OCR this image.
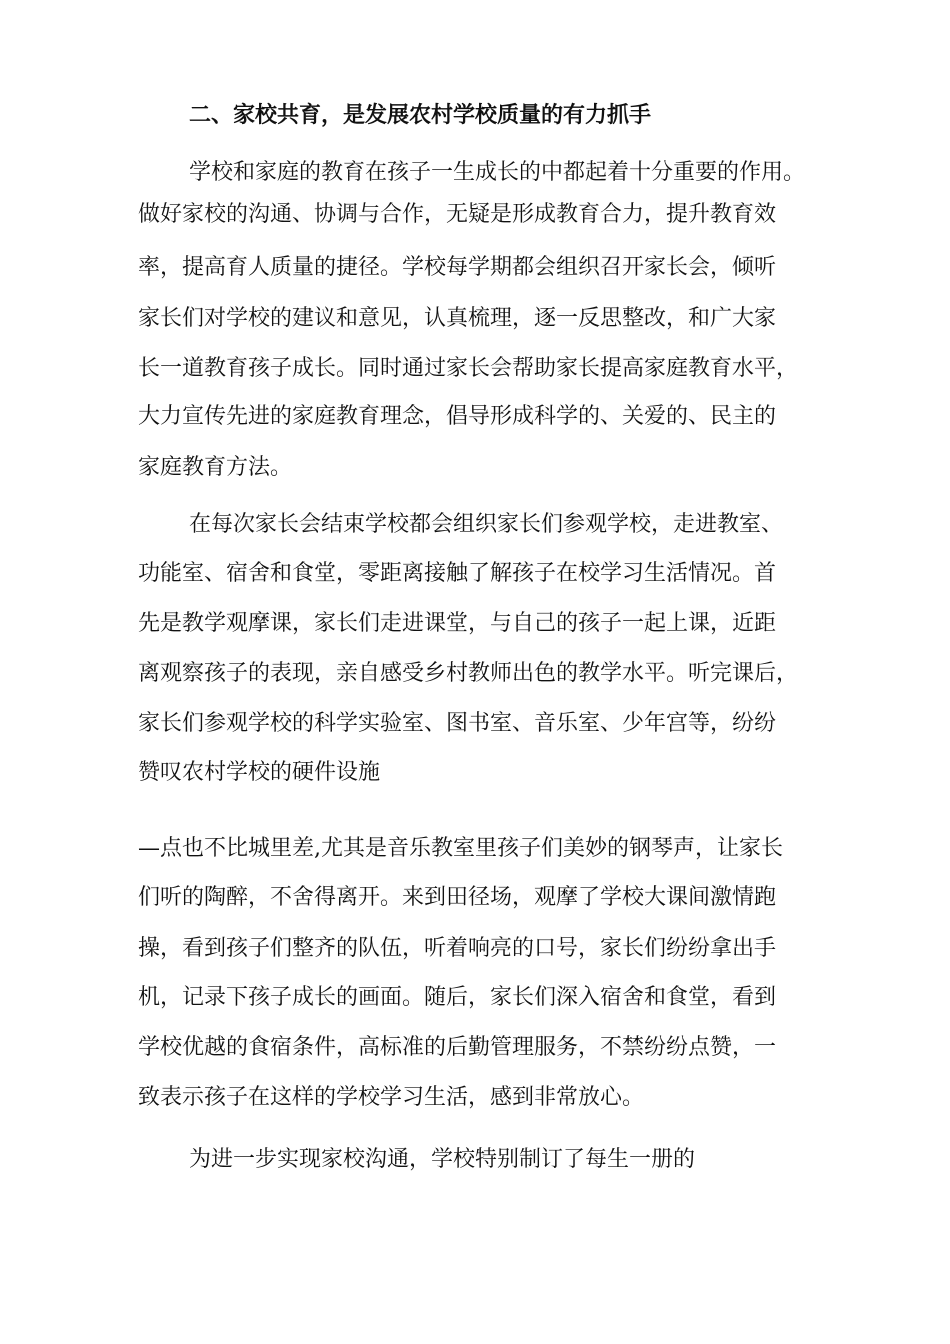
二、家校共育，是发展农村学校质量的有力抓手
学校和家庭的教育在孩子一生成长的中都起着十分重要的作用。
做好家校的沟通、协调与合作，无疑是形成教育合力，提升教育效
率，提高育人质量的捷径。学校每学期都会组织召开家长会，倾听
家长们对学校的建议和意见，认真梳理，逐一反思整改，和广大家
长一道教育孩子成长。同时通过家长会帮助家长提高家庭教育水平，
大力宣传先进的家庭教育理念，倡导形成科学的、关爱的、民主的
家庭教育方法。
在每次家长会结束学校都会组织家长们参观学校，走进教室、
功能室、宿舍和食堂，零距离接触了解孩子在校学习生活情况。首
先是教学观摩课，家长们走进课堂，与自己的孩子一起上课，近距
离观察孩子的表现，亲自感受乡村教师出色的教学水平。听完课后，
家长们参观学校的科学实验室、图书室、音乐室、少年宫等，纷纷
赞叹农村学校的硬件设施
—点也不比城里差,尤其是音乐教室里孩子们美妙的钢琴声，让家长
们听的陶醉，不舍得离开。来到田径场，观摩了学校大课间激情跑
操，看到孩子们整齐的队伍，听着响亮的口号，家长们纷纷拿出手
机，记录下孩子成长的画面。随后，家长们深入宿舍和食堂，看到
学校优越的食宿条件，高标准的后勤管理服务，不禁纷纷点赞，一
致表示孩子在这样的学校学习生活，感到非常放心。
为进一步实现家校沟通，学校特别制订了每生一册的
